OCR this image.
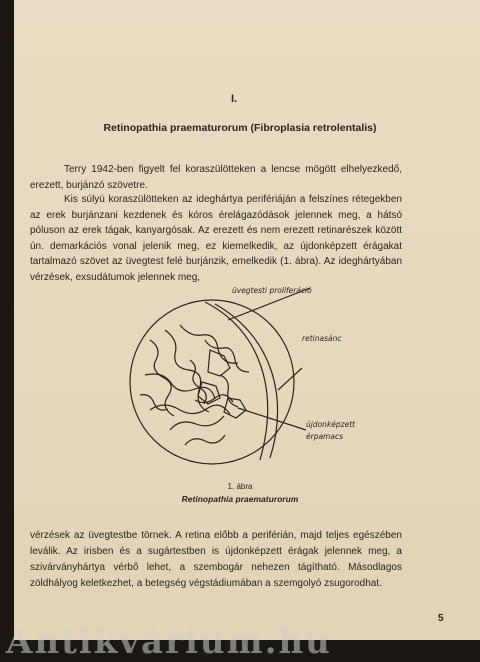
I.
Retinopathia praematurorum (Fibroplasia retrolentalis)

Terry 1942-ben figyelt fel koraszülötteken a lencse mögött elhelyezkedő, erezett, burjánzó szövetre.

Kis súlyú koraszülötteken az ideghártya perifériáján a felszínes rétegekben az erek burjánzani kezdenek és kóros érelágazódások jelennek meg, a hátsó póluson az erek tágak, kanyargósak. Az erezett és nem erezett retinarészek között ún. demarkációs vonal jelenik meg, ez kiemelkedik, az újdonképzett érágakat tartalmazó szövet az üvegtest felé burjánzik, emelkedik (1. ábra). Az ideghártyában vérzések, exsudátumok jelennek meg,

üvegtesti proliferáció
retinasánc
újdonképzett
érpamacs
1. ábra
Retinopathia praematurorum

vérzések az üvegtestbe törnek. A retina előbb a periférián, majd teljes egészében leválik. Az irisben és a sugártestben is újdonképzett érágak jelennek meg, a szivárványhártya vérbő lehet, a szembogár nehezen tágítható. Másodlagos zöldhályog keletkezhet, a betegség végstádiumában a szemgolyó zsugorodhat.

5
Antikvárium.hu
